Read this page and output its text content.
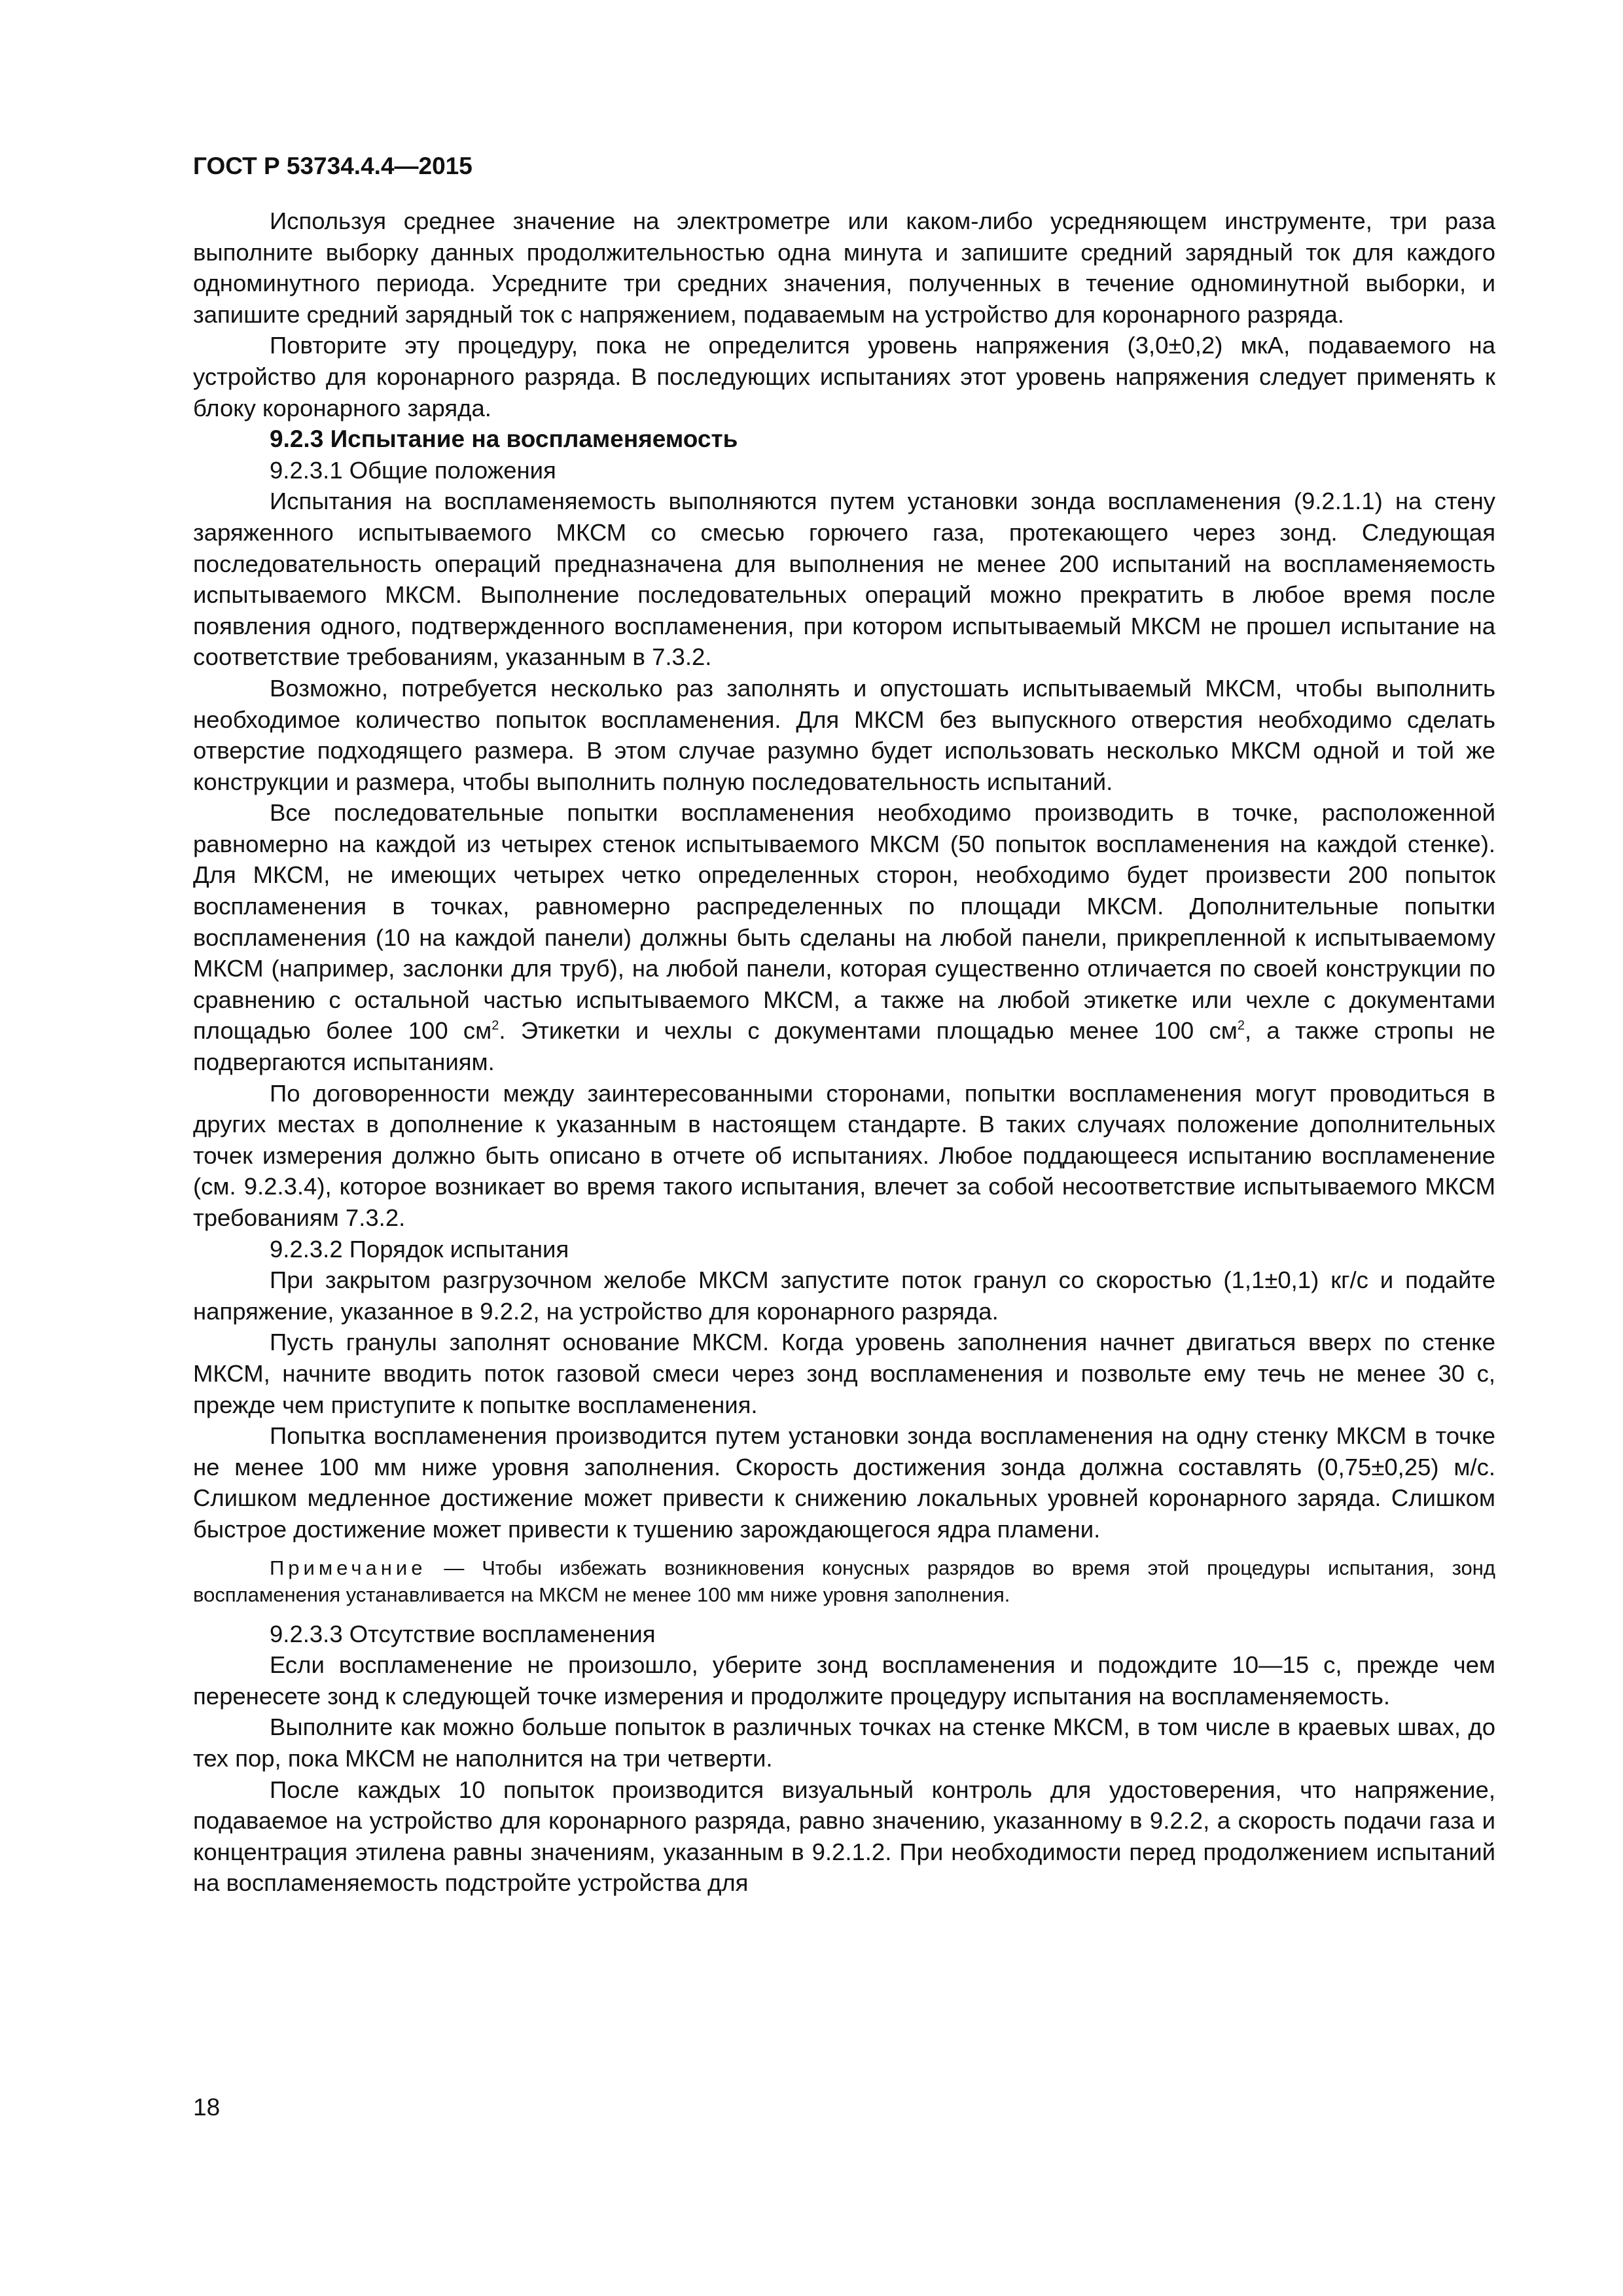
ГОСТ Р 53734.4.4—2015

Используя среднее значение на электрометре или каком-либо усредняющем инструменте, три раза выполните выборку данных продолжительностью одна минута и запишите средний зарядный ток для каждого одноминутного периода. Усредните три средних значения, полученных в течение одноминутной выборки, и запишите средний зарядный ток с напряжением, подаваемым на устройство для коронарного разряда.

Повторите эту процедуру, пока не определится уровень напряжения (3,0±0,2) мкА, подаваемого на устройство для коронарного разряда. В последующих испытаниях этот уровень напряжения следует применять к блоку коронарного заряда.

9.2.3 Испытание на воспламеняемость
9.2.3.1 Общие положения

Испытания на воспламеняемость выполняются путем установки зонда воспламенения (9.2.1.1) на стену заряженного испытываемого МКСМ со смесью горючего газа, протекающего через зонд. Следующая последовательность операций предназначена для выполнения не менее 200 испытаний на воспламеняемость испытываемого МКСМ. Выполнение последовательных операций можно прекратить в любое время после появления одного, подтвержденного воспламенения, при котором испытываемый МКСМ не прошел испытание на соответствие требованиям, указанным в 7.3.2.

Возможно, потребуется несколько раз заполнять и опустошать испытываемый МКСМ, чтобы выполнить необходимое количество попыток воспламенения. Для МКСМ без выпускного отверстия необходимо сделать отверстие подходящего размера. В этом случае разумно будет использовать несколько МКСМ одной и той же конструкции и размера, чтобы выполнить полную последовательность испытаний.

Все последовательные попытки воспламенения необходимо производить в точке, расположенной равномерно на каждой из четырех стенок испытываемого МКСМ (50 попыток воспламенения на каждой стенке). Для МКСМ, не имеющих четырех четко определенных сторон, необходимо будет произвести 200 попыток воспламенения в точках, равномерно распределенных по площади МКСМ. Дополнительные попытки воспламенения (10 на каждой панели) должны быть сделаны на любой панели, прикрепленной к испытываемому МКСМ (например, заслонки для труб), на любой панели, которая существенно отличается по своей конструкции по сравнению с остальной частью испытываемого МКСМ, а также на любой этикетке или чехле с документами площадью более 100 $см^2$. Этикетки и чехлы с документами площадью менее 100 $см^2$, а также стропы не подвергаются испытаниям.

По договоренности между заинтересованными сторонами, попытки воспламенения могут проводиться в других местах в дополнение к указанным в настоящем стандарте. В таких случаях положение дополнительных точек измерения должно быть описано в отчете об испытаниях. Любое поддающееся испытанию воспламенение (см. 9.2.3.4), которое возникает во время такого испытания, влечет за собой несоответствие испытываемого МКСМ требованиям 7.3.2.

9.2.3.2 Порядок испытания

При закрытом разгрузочном желобе МКСМ запустите поток гранул со скоростью (1,1±0,1) кг/с и подайте напряжение, указанное в 9.2.2, на устройство для коронарного разряда.

Пусть гранулы заполнят основание МКСМ. Когда уровень заполнения начнет двигаться вверх по стенке МКСМ, начните вводить поток газовой смеси через зонд воспламенения и позвольте ему течь не менее 30 с, прежде чем приступите к попытке воспламенения.

Попытка воспламенения производится путем установки зонда воспламенения на одну стенку МКСМ в точке не менее 100 мм ниже уровня заполнения. Скорость достижения зонда должна составлять (0,75±0,25) м/с. Слишком медленное достижение может привести к снижению локальных уровней коронарного заряда. Слишком быстрое достижение может привести к тушению зарождающегося ядра пламени.

Примечание — Чтобы избежать возникновения конусных разрядов во время этой процедуры испытания, зонд воспламенения устанавливается на МКСМ не менее 100 мм ниже уровня заполнения.

9.2.3.3 Отсутствие воспламенения

Если воспламенение не произошло, уберите зонд воспламенения и подождите 10—15 с, прежде чем перенесете зонд к следующей точке измерения и продолжите процедуру испытания на воспламеняемость.

Выполните как можно больше попыток в различных точках на стенке МКСМ, в том числе в краевых швах, до тех пор, пока МКСМ не наполнится на три четверти.

После каждых 10 попыток производится визуальный контроль для удостоверения, что напряжение, подаваемое на устройство для коронарного разряда, равно значению, указанному в 9.2.2, а скорость подачи газа и концентрация этилена равны значениям, указанным в 9.2.1.2. При необходимости перед продолжением испытаний на воспламеняемость подстройте устройства для

18
